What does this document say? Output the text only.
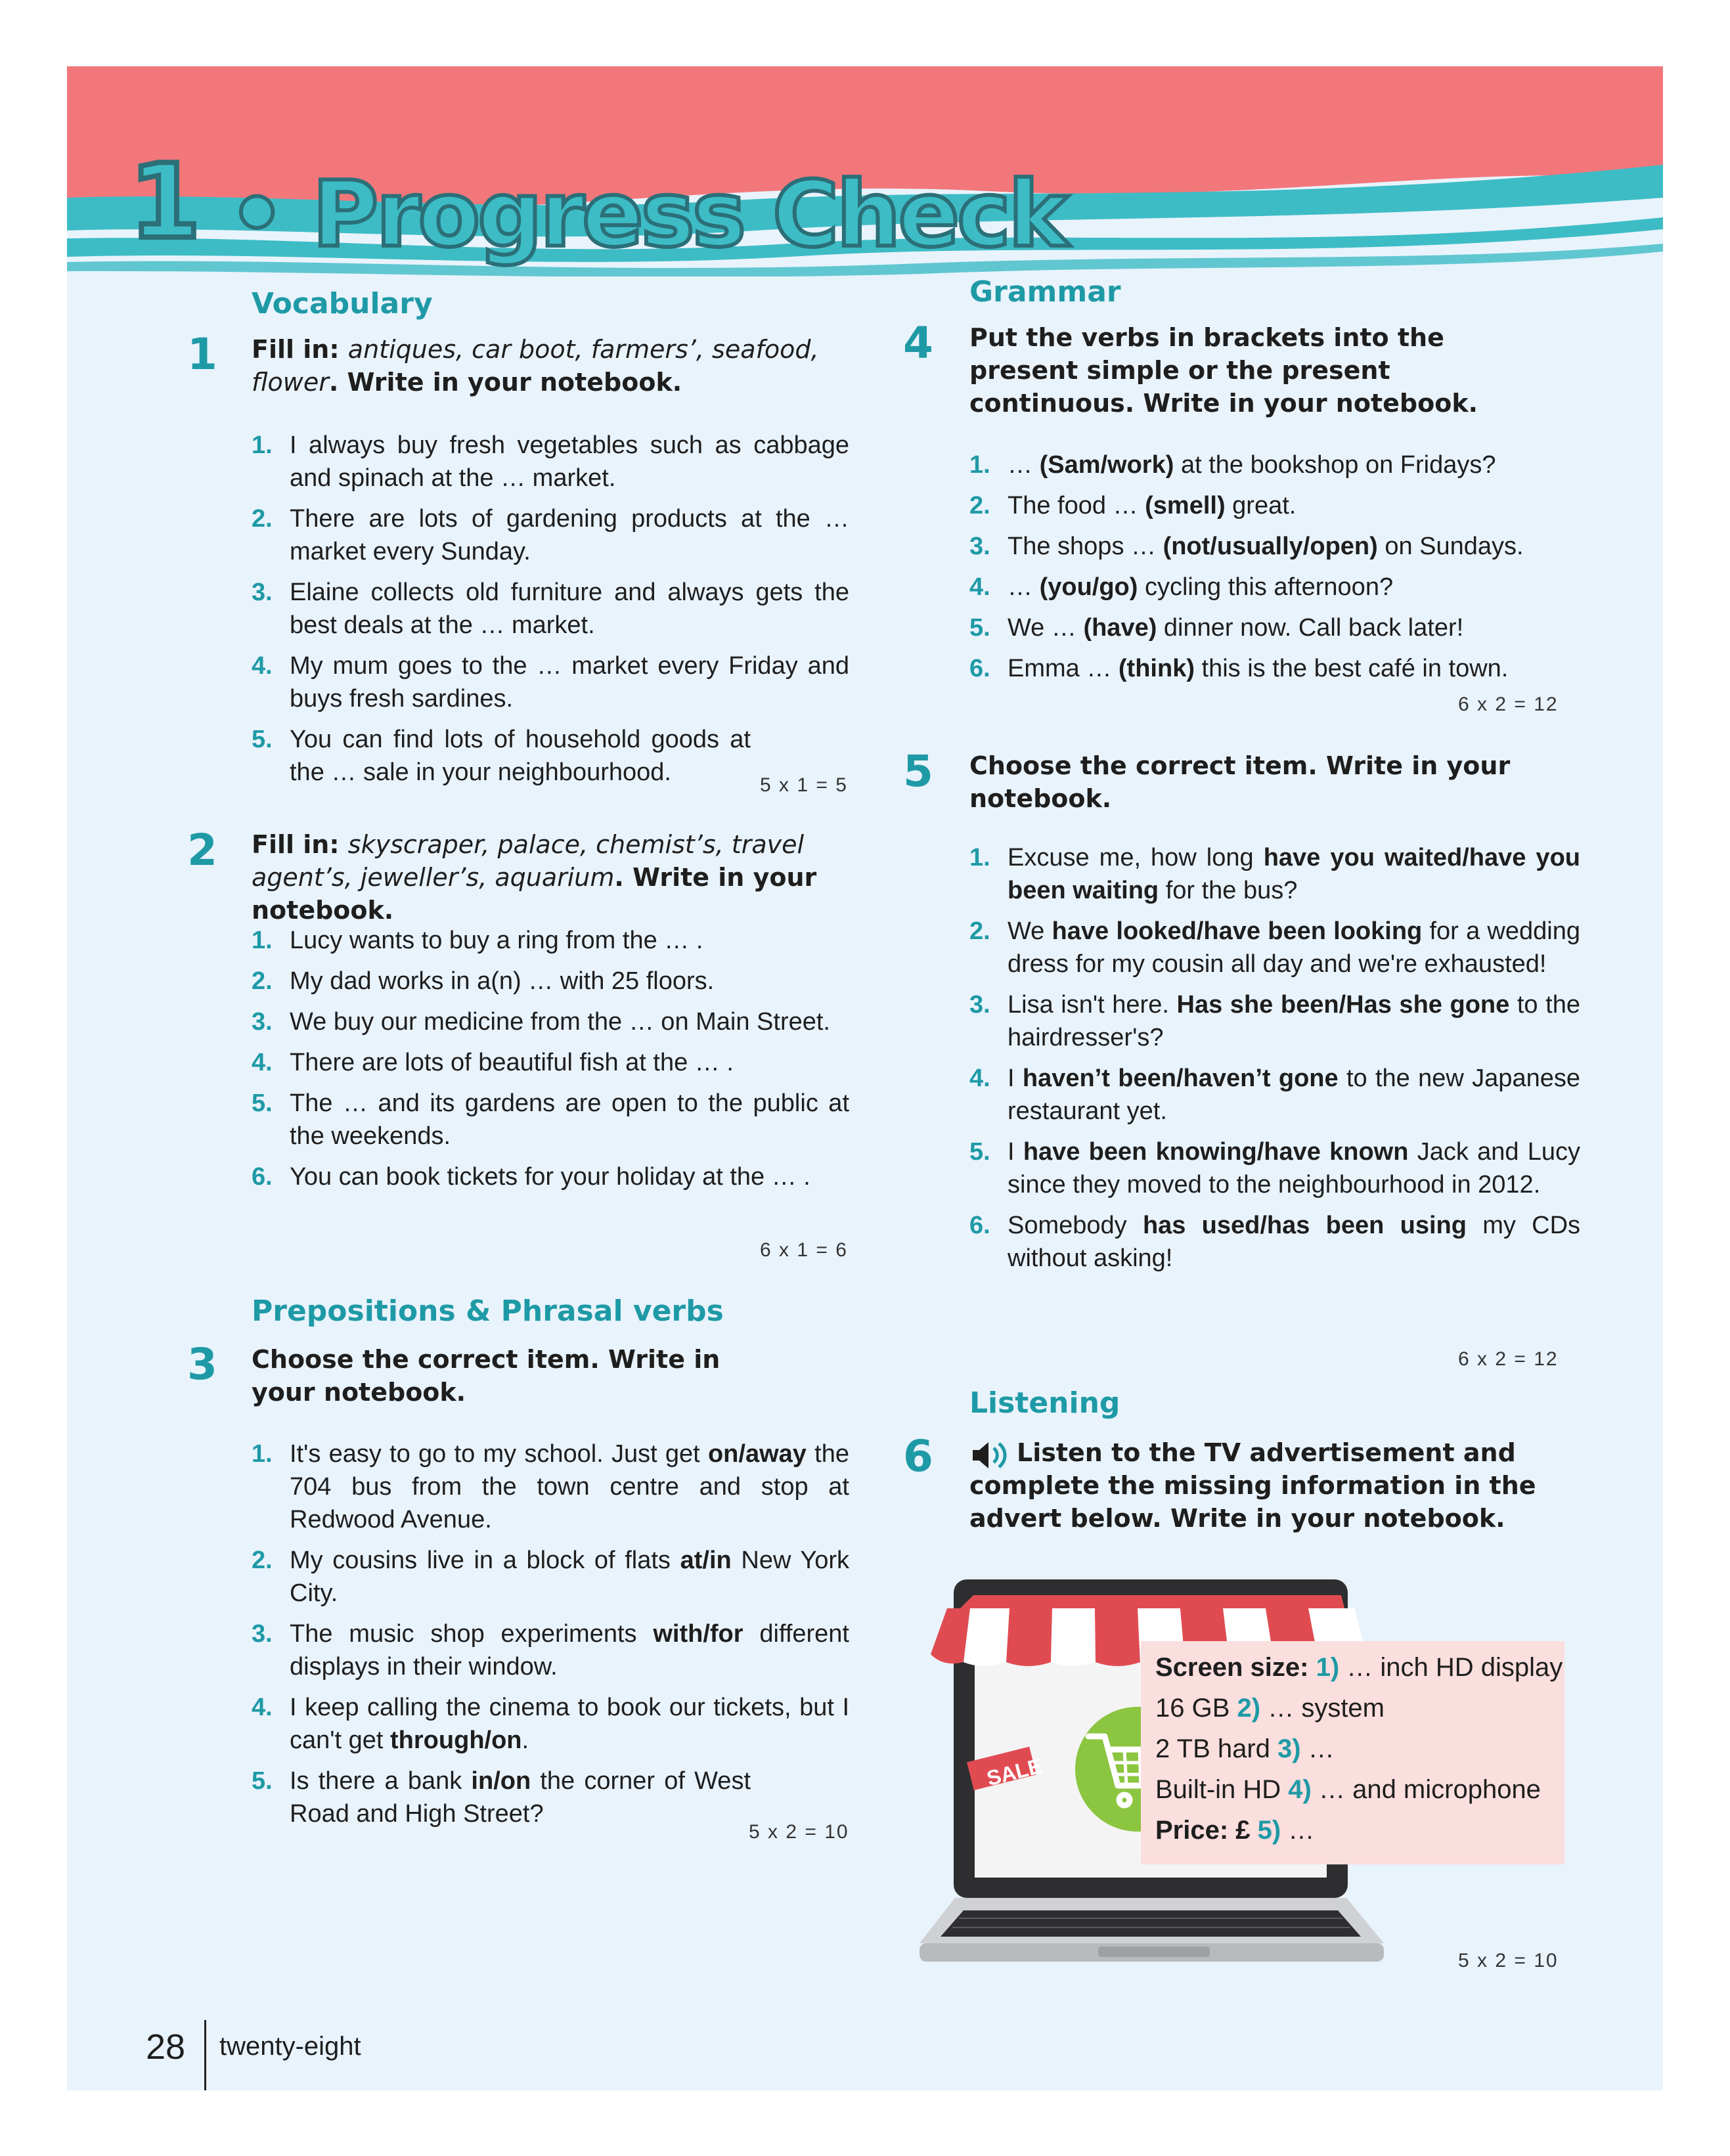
1 • Progress Check
Vocabulary
1 Fill in: antiques, car boot, farmers’, seafood, flower. Write in your notebook.
1. I always buy fresh vegetables such as cabbage and spinach at the … market.
2. There are lots of gardening products at the … market every Sunday.
3. Elaine collects old furniture and always gets the best deals at the … market.
4. My mum goes to the … market every Friday and buys fresh sardines.
5. You can find lots of household goods at the … sale in your neighbourhood.	5 x 1 = 5
2 Fill in: skyscraper, palace, chemist’s, travel agent’s, jeweller’s, aquarium. Write in your notebook.
1. Lucy wants to buy a ring from the … .
2. My dad works in a(n) … with 25 floors.
3. We buy our medicine from the … on Main Street.
4. There are lots of beautiful fish at the … .
5. The … and its gardens are open to the public at the weekends.
6. You can book tickets for your holiday at the … .
6 x 1 = 6
Prepositions & Phrasal verbs
3 Choose the correct item. Write in your notebook.
1. It's easy to go to my school. Just get on/away the 704 bus from the town centre and stop at Redwood Avenue.
2. My cousins live in a block of flats at/in New York City.
3. The music shop experiments with/for different displays in their window.
4. I keep calling the cinema to book our tickets, but I can't get through/on.
5. Is there a bank in/on the corner of West Road and High Street?
5 x 2 = 10
Grammar
4 Put the verbs in brackets into the present simple or the present continuous. Write in your notebook.
1. … (Sam/work) at the bookshop on Fridays?
2. The food … (smell) great.
3. The shops … (not/usually/open) on Sundays.
4. … (you/go) cycling this afternoon?
5. We … (have) dinner now. Call back later!
6. Emma … (think) this is the best café in town.
6 x 2 = 12
5 Choose the correct item. Write in your notebook.
1. Excuse me, how long have you waited/have you been waiting for the bus?
2. We have looked/have been looking for a wedding dress for my cousin all day and we're exhausted!
3. Lisa isn't here. Has she been/Has she gone to the hairdresser's?
4. I haven’t been/haven’t gone to the new Japanese restaurant yet.
5. I have been knowing/have known Jack and Lucy since they moved to the neighbourhood in 2012.
6. Somebody has used/has been using my CDs without asking!
6 x 2 = 12
Listening
6	Listen to the TV advertisement and complete the missing information in the advert below. Write in your notebook.
SALE
Screen size: 1) … inch HD display
16 GB 2) … system
2 TB hard 3) …
Built-in HD 4) … and microphone
Price: £ 5) …
5 x 2 = 10
28 twenty-eight
